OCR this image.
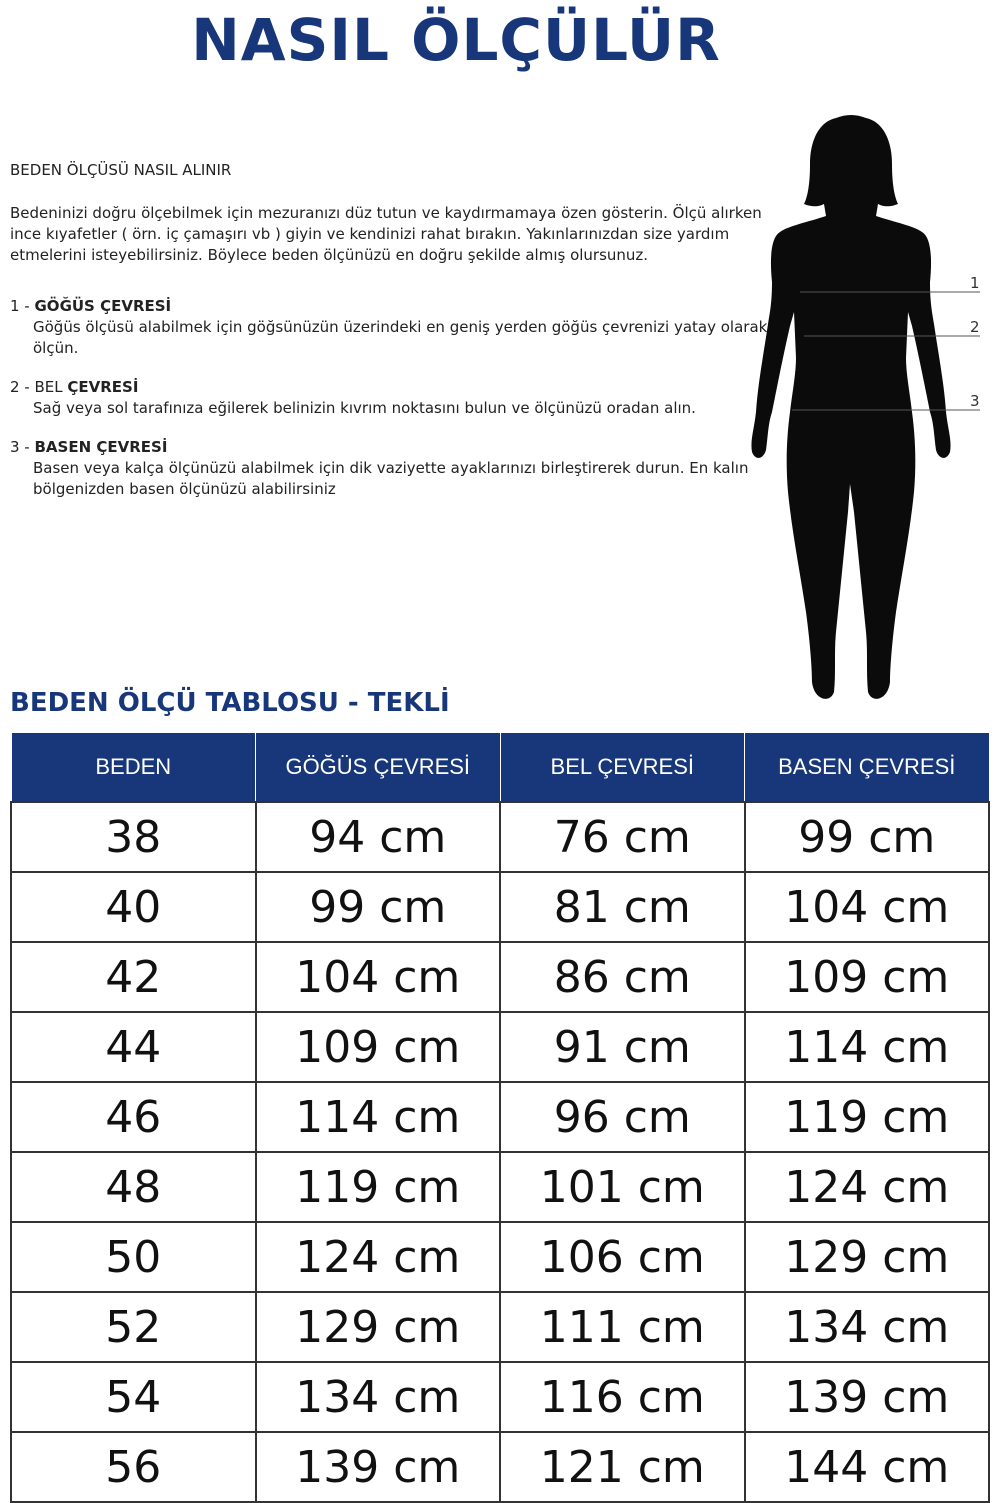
NASIL ÖLÇÜLÜR

BEDEN ÖLÇÜSÜ NASIL ALINIR

Bedeninizi doğru ölçebilmek için mezuranızı düz tutun ve kaydırmamaya özen gösterin. Ölçü alırken ince kıyafetler ( örn. iç çamaşırı vb ) giyin ve kendinizi rahat bırakın. Yakınlarınızdan size yardım etmelerini isteyebilirsiniz. Böylece beden ölçünüzü en doğru şekilde almış olursunuz.

1 - GÖĞÜS ÇEVRESİ
Göğüs ölçüsü alabilmek için göğsünüzün üzerindeki en geniş yerden göğüs çevrenizi yatay olarak ölçün.
2 - BEL ÇEVRESİ
Sağ veya sol tarafınıza eğilerek belinizin kıvrım noktasını bulun ve ölçünüzü oradan alın.
3 - BASEN ÇEVRESİ
Basen veya kalça ölçünüzü alabilmek için dik vaziyette ayaklarınızı birleştirerek durun. En kalın bölgenizden basen ölçünüzü alabilirsiniz
1
2
3
BEDEN ÖLÇÜ TABLOSU - TEKLİ
BEDEN	GÖĞÜS ÇEVRESİ	BEL ÇEVRESİ	BASEN ÇEVRESİ
38	94 cm	76 cm	99 cm
40	99 cm	81 cm	104 cm
42	104 cm	86 cm	109 cm
44	109 cm	91 cm	114 cm
46	114 cm	96 cm	119 cm
48	119 cm	101 cm	124 cm
50	124 cm	106 cm	129 cm
52	129 cm	111 cm	134 cm
54	134 cm	116 cm	139 cm
56	139 cm	121 cm	144 cm
